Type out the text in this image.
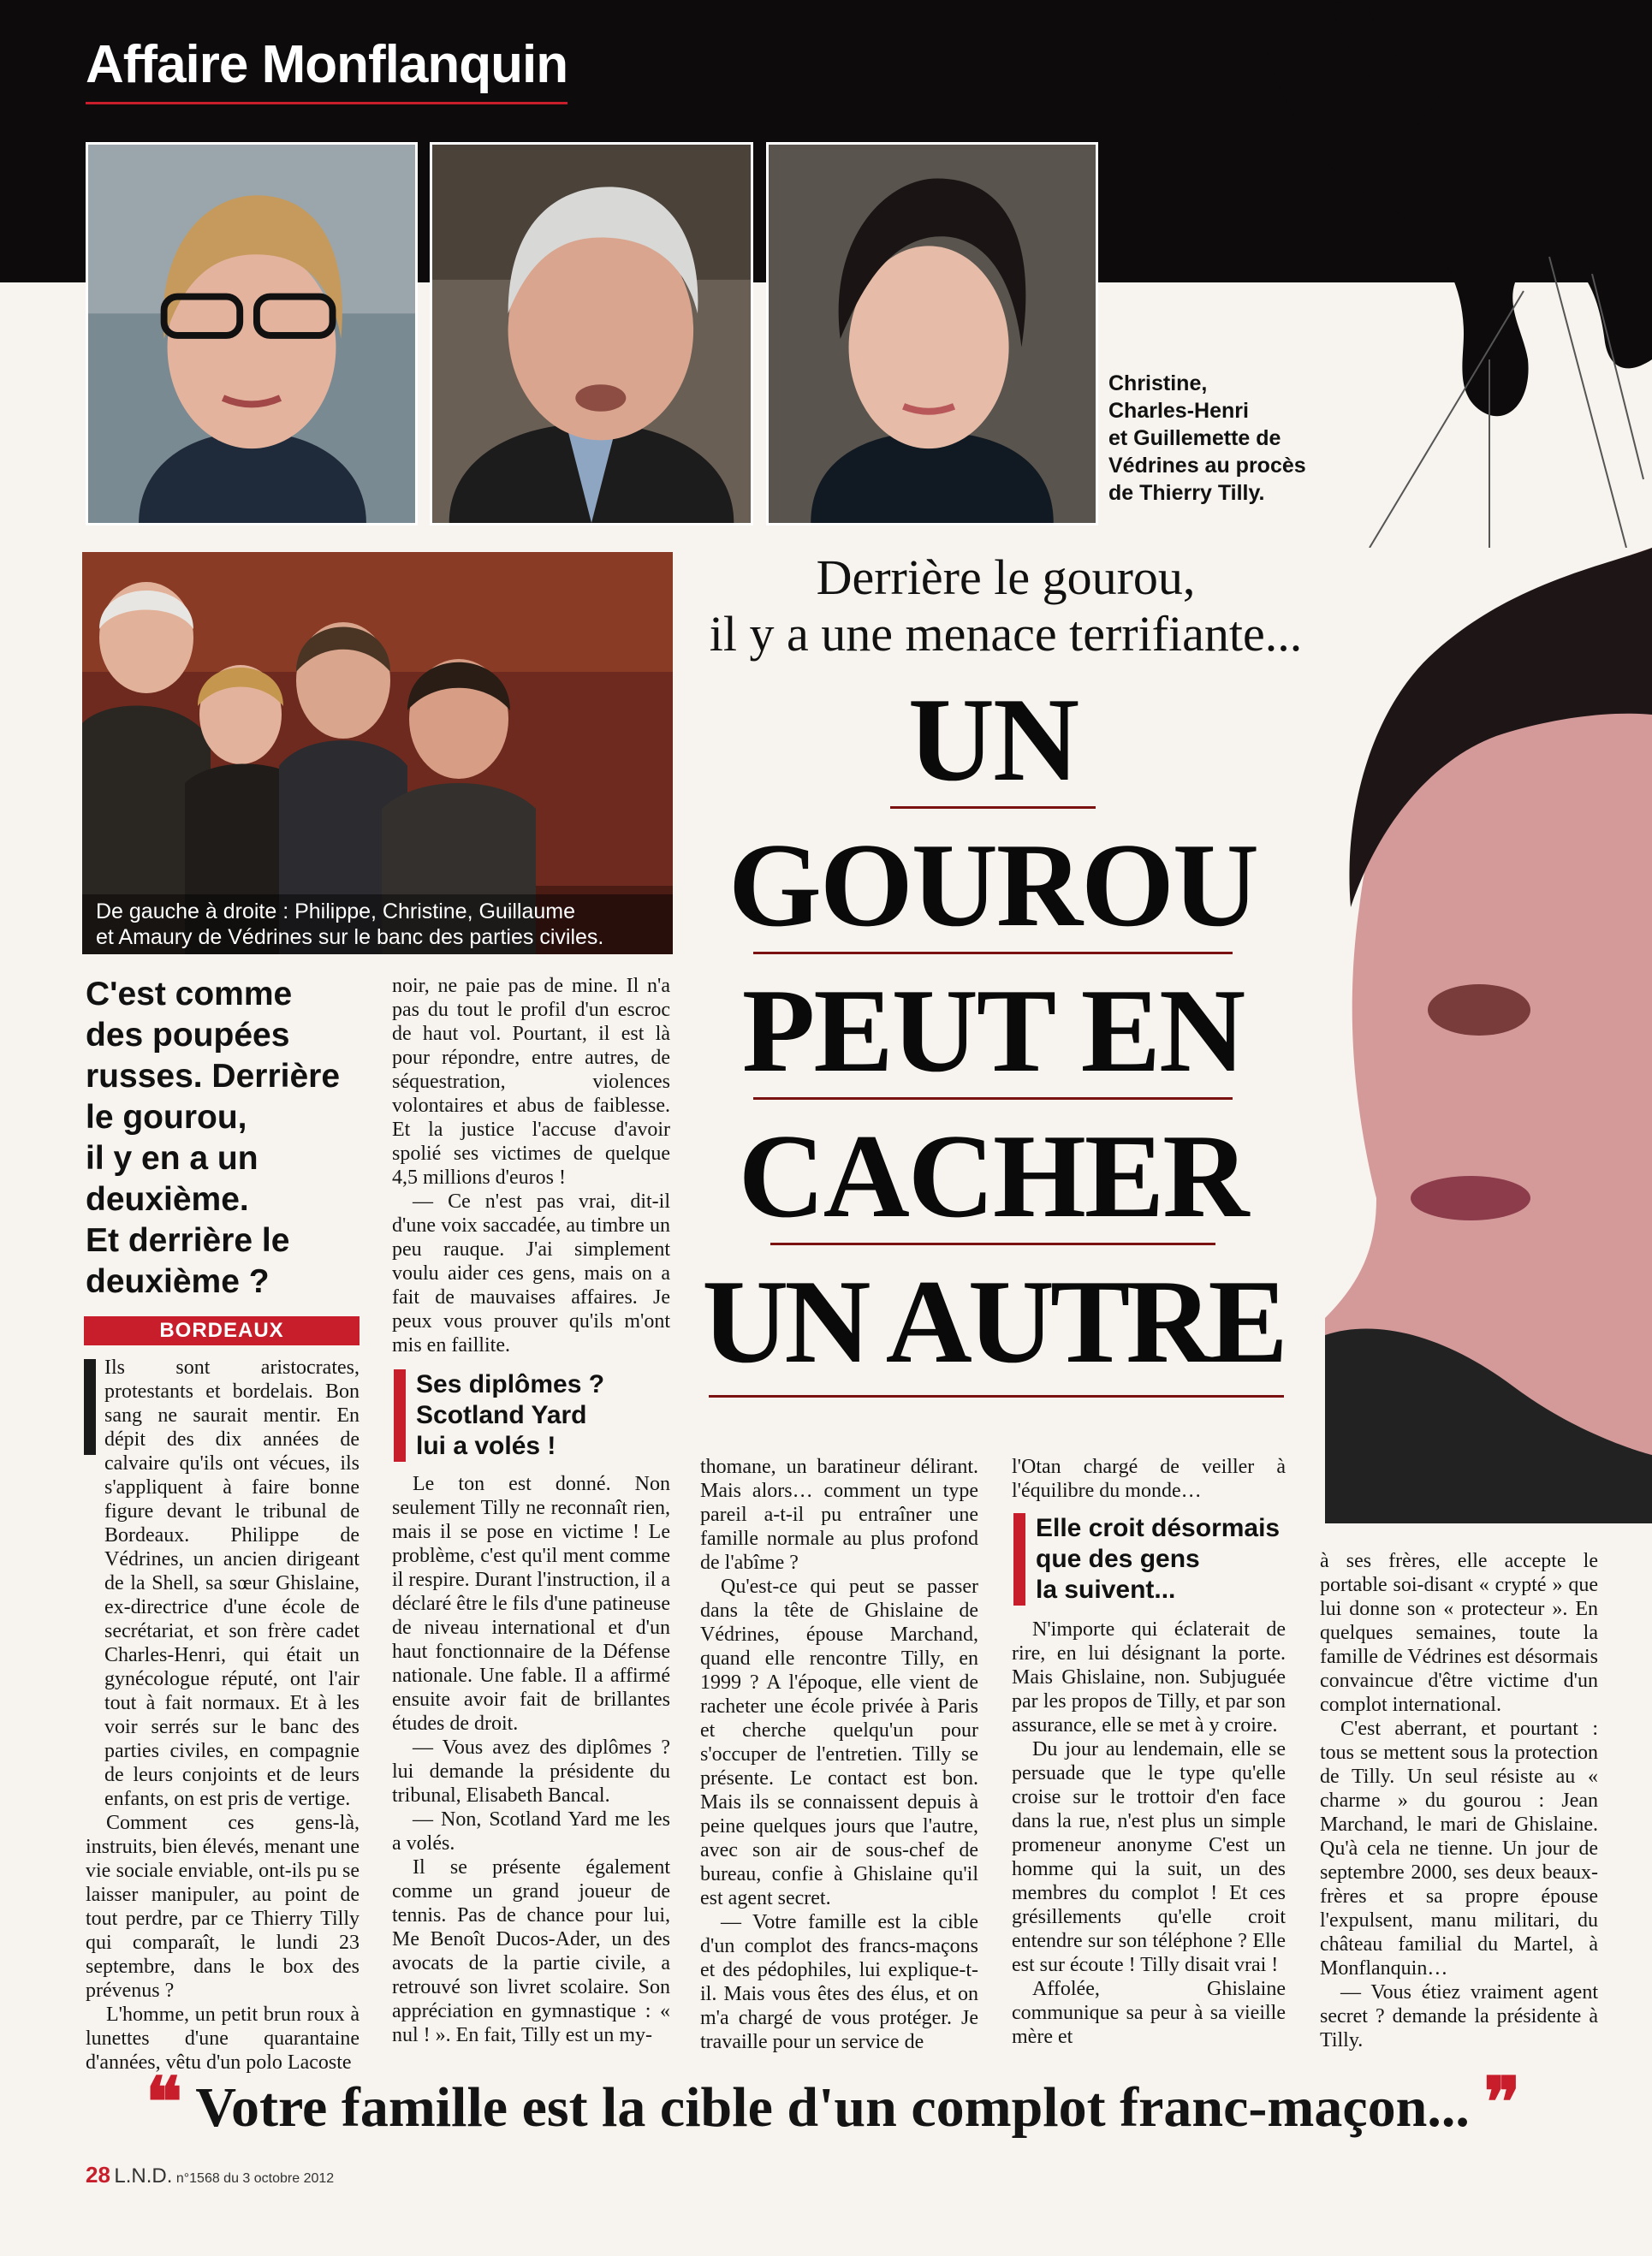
Affaire Monflanquin
Christine,
Charles-Henri
et Guillemette de
Védrines au procès
de Thierry Tilly.
De gauche à droite : Philippe, Christine, Guillaume
et Amaury de Védrines sur le banc des parties civiles.
Derrière le gourou,
il y a une menace terrifiante...
UN
GOUROU
PEUT EN
CACHER
UN AUTRE
C'est comme
des poupées
russes. Derrière
le gourou,
il y en a un
deuxième.
Et derrière le
deuxième ?
BORDEAUX

Ils sont aristocrates, protestants et bordelais. Bon sang ne saurait mentir. En dépit des dix années de calvaire qu'ils ont vécues, ils s'appliquent à faire bonne figure devant le tribunal de Bordeaux. Philippe de Védrines, un ancien dirigeant de la Shell, sa sœur Ghislaine, ex-directrice d'une école de secrétariat, et son frère cadet Charles-Henri, qui était un gynécologue réputé, ont l'air tout à fait normaux. Et à les voir serrés sur le banc des parties civiles, en compagnie de leurs conjoints et de leurs enfants, on est pris de vertige.

Comment ces gens-là, instruits, bien élevés, menant une vie sociale enviable, ont-ils pu se laisser manipuler, au point de tout perdre, par ce Thierry Tilly qui comparaît, le lundi 23 septembre, dans le box des prévenus ?

L'homme, un petit brun roux à lunettes d'une quarantaine d'années, vêtu d'un polo Lacoste

noir, ne paie pas de mine. Il n'a pas du tout le profil d'un escroc de haut vol. Pourtant, il est là pour répondre, entre autres, de séquestration, violences volontaires et abus de faiblesse. Et la justice l'accuse d'avoir spolié ses victimes de quelque 4,5 millions d'euros !

— Ce n'est pas vrai, dit-il d'une voix saccadée, au timbre un peu rauque. J'ai simplement voulu aider ces gens, mais on a fait de mauvaises affaires. Je peux vous prouver qu'ils m'ont mis en faillite.

Ses diplômes ?
Scotland Yard
lui a volés !

Le ton est donné. Non seulement Tilly ne reconnaît rien, mais il se pose en victime ! Le problème, c'est qu'il ment comme il respire. Durant l'instruction, il a déclaré être le fils d'une patineuse de niveau international et d'un haut fonctionnaire de la Défense nationale. Une fable. Il a affirmé ensuite avoir fait de brillantes études de droit.

— Vous avez des diplômes ? lui demande la présidente du tribunal, Elisabeth Bancal.

— Non, Scotland Yard me les a volés.

Il se présente également comme un grand joueur de tennis. Pas de chance pour lui, Me Benoît Ducos-Ader, un des avocats de la partie civile, a retrouvé son livret scolaire. Son appréciation en gymnastique : « nul ! ». En fait, Tilly est un my-

thomane, un baratineur délirant. Mais alors… comment un type pareil a-t-il pu entraîner une famille normale au plus profond de l'abîme ?

Qu'est-ce qui peut se passer dans la tête de Ghislaine de Védrines, épouse Marchand, quand elle rencontre Tilly, en 1999 ? A l'époque, elle vient de racheter une école privée à Paris et cherche quelqu'un pour s'occuper de l'entretien. Tilly se présente. Le contact est bon. Mais ils se connaissent depuis à peine quelques jours que l'autre, avec son air de sous-chef de bureau, confie à Ghislaine qu'il est agent secret.

— Votre famille est la cible d'un complot des francs-maçons et des pédophiles, lui explique-t-il. Mais vous êtes des élus, et on m'a chargé de vous protéger. Je travaille pour un service de

l'Otan chargé de veiller à l'équilibre du monde…

Elle croit désormais
que des gens
la suivent...

N'importe qui éclaterait de rire, en lui désignant la porte. Mais Ghislaine, non. Subjuguée par les propos de Tilly, et par son assurance, elle se met à y croire.

Du jour au lendemain, elle se persuade que le type qu'elle croise sur le trottoir d'en face dans la rue, n'est plus un simple promeneur anonyme C'est un homme qui la suit, un des membres du complot ! Et ces grésillements qu'elle croit entendre sur son téléphone ? Elle est sur écoute ! Tilly disait vrai !

Affolée, Ghislaine communique sa peur à sa vieille mère et

à ses frères, elle accepte le portable soi-disant « crypté » que lui donne son « protecteur ». En quelques semaines, toute la famille de Védrines est désormais convaincue d'être victime d'un complot international.

C'est aberrant, et pourtant : tous se mettent sous la protection de Tilly. Un seul résiste au « charme » du gourou : Jean Marchand, le mari de Ghislaine. Qu'à cela ne tienne. Un jour de septembre 2000, ses deux beaux-frères et sa propre épouse l'expulsent, manu militari, du château familial du Martel, à Monflanquin…

— Vous étiez vraiment agent secret ? demande la présidente à Tilly.

❝ Votre famille est la cible d'un complot franc-maçon... ❞
28 L.N.D. n°1568 du 3 octobre 2012
